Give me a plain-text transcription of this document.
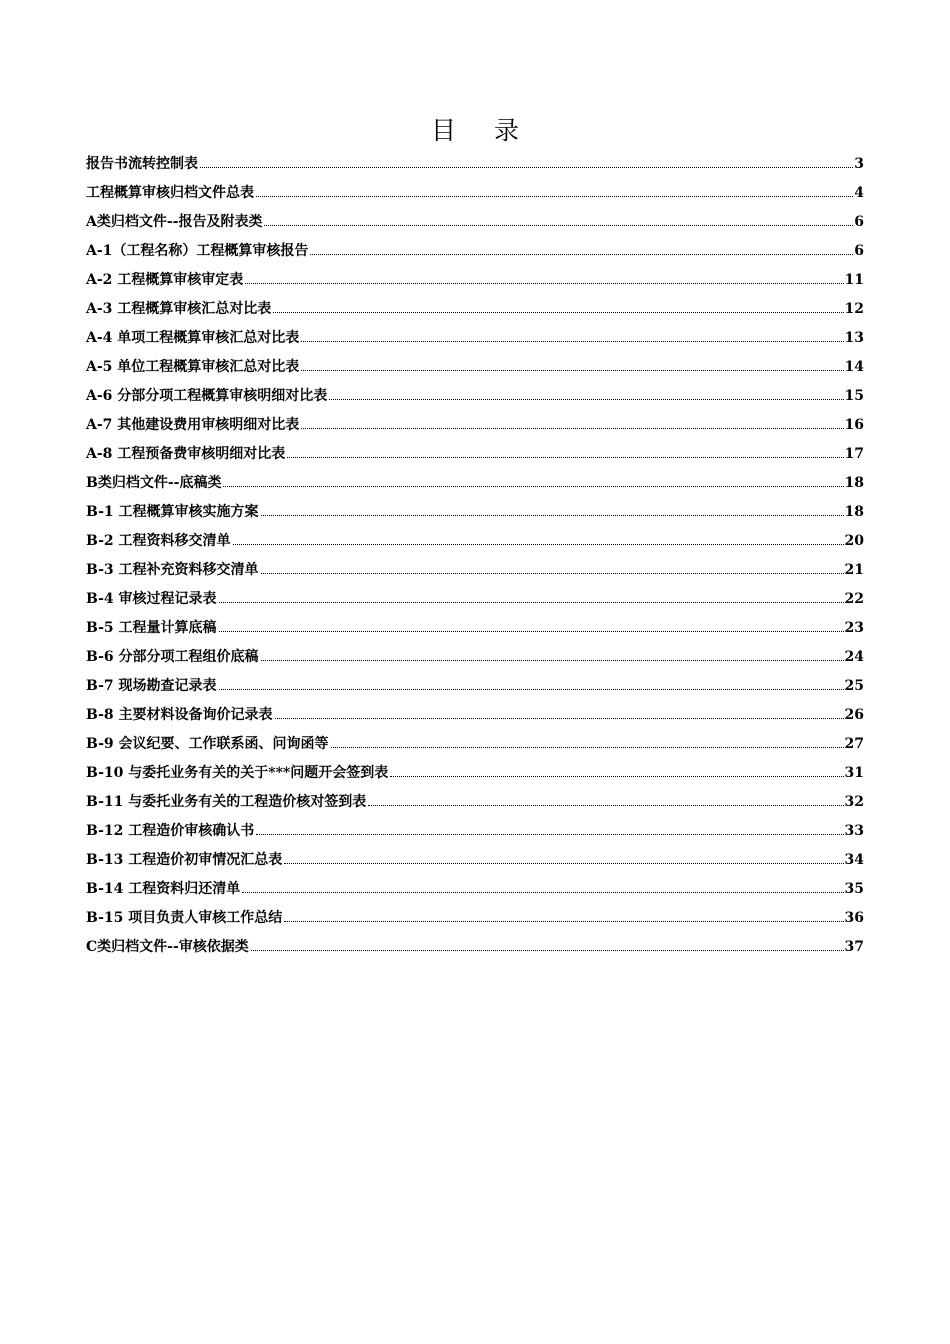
目 录
报告书流转控制表	3
工程概算审核归档文件总表	4
A类归档文件--报告及附表类	6
A-1（工程名称）工程概算审核报告	6
A-2 工程概算审核审定表	11
A-3 工程概算审核汇总对比表	12
A-4 单项工程概算审核汇总对比表	13
A-5 单位工程概算审核汇总对比表	14
A-6 分部分项工程概算审核明细对比表	15
A-7 其他建设费用审核明细对比表	16
A-8 工程预备费审核明细对比表	17
B类归档文件--底稿类	18
B-1 工程概算审核实施方案	18
B-2 工程资料移交清单	20
B-3 工程补充资料移交清单	21
B-4 审核过程记录表	22
B-5 工程量计算底稿	23
B-6 分部分项工程组价底稿	24
B-7 现场勘查记录表	25
B-8 主要材料设备询价记录表	26
B-9 会议纪要、工作联系函、问询函等	27
B-10 与委托业务有关的关于***问题开会签到表	31
B-11 与委托业务有关的工程造价核对签到表	32
B-12 工程造价审核确认书	33
B-13 工程造价初审情况汇总表	34
B-14 工程资料归还清单	35
B-15 项目负责人审核工作总结	36
C类归档文件--审核依据类	37
